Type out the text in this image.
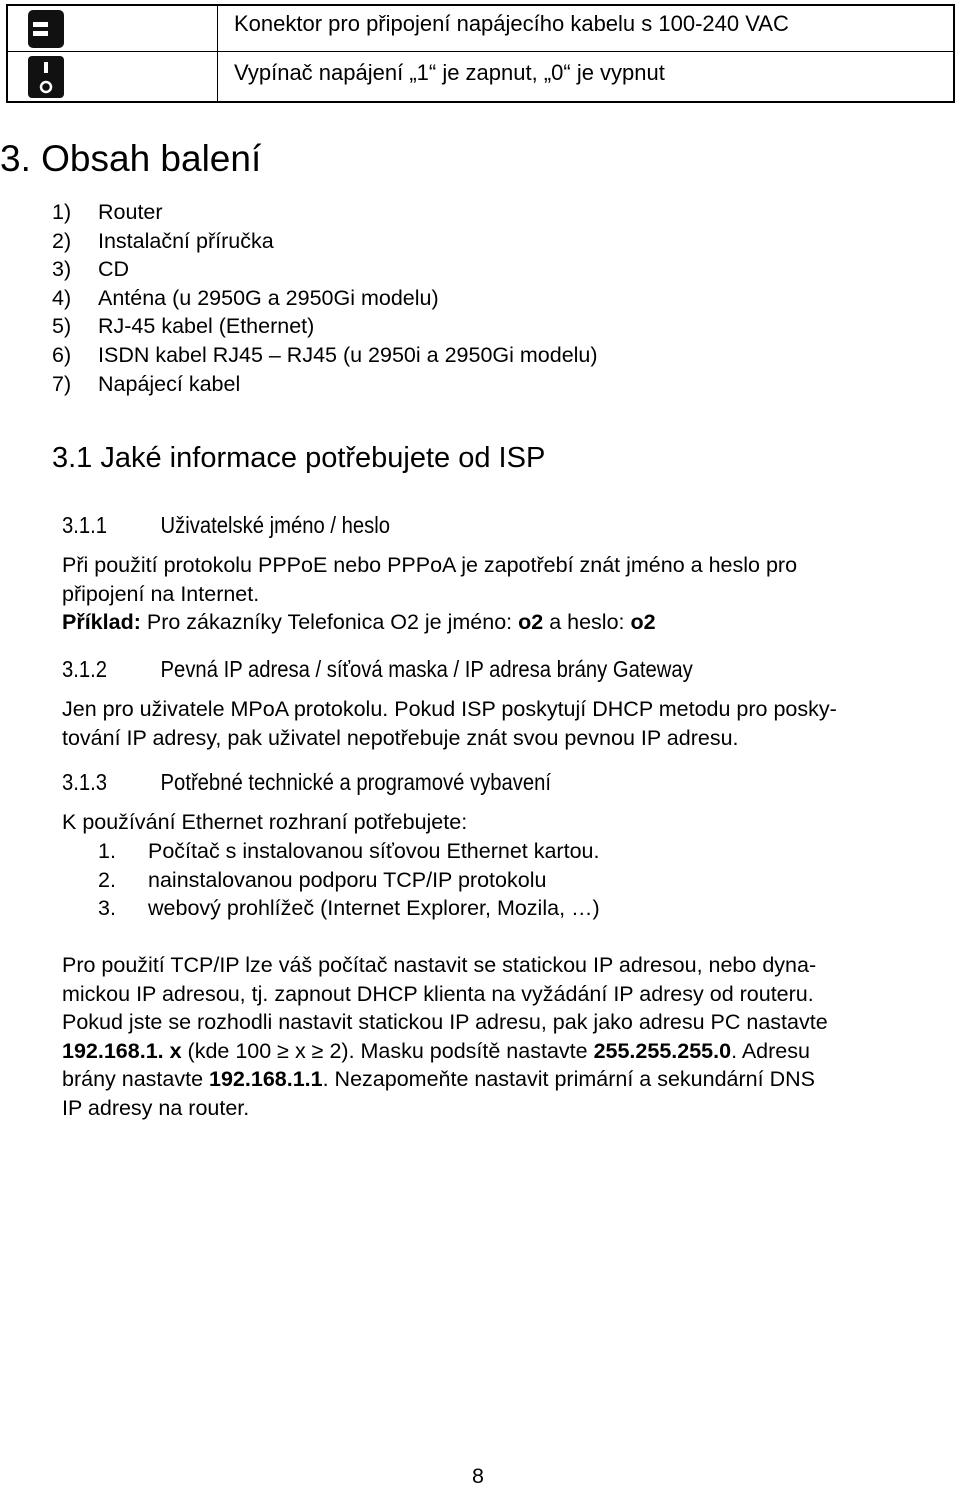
Konektor pro připojení napájecího kabelu s 100-240 VAC
Vypínač napájení „1“ je zapnut, „0“ je vypnut
3. Obsah balení
1)	Router
2)	Instalační příručka
3)	CD
4)	Anténa (u 2950G a 2950Gi modelu)
5)	RJ-45 kabel (Ethernet)
6)	ISDN kabel RJ45 – RJ45 (u 2950i a 2950Gi modelu)
7)	Napájecí kabel
3.1 Jaké informace potřebujete od ISP
3.1.1 Uživatelské jméno / heslo
Při použití protokolu PPPoE nebo PPPoA je zapotřebí znát jméno a heslo pro
připojení na Internet.
Příklad: Pro zákazníky Telefonica O2 je jméno: o2 a heslo: o2
3.1.2 Pevná IP adresa / síťová maska / IP adresa brány Gateway
Jen pro uživatele MPoA protokolu. Pokud ISP poskytují DHCP metodu pro posky-
tování IP adresy, pak uživatel nepotřebuje znát svou pevnou IP adresu.
3.1.3 Potřebné technické a programové vybavení
K používání Ethernet rozhraní potřebujete:
1.	Počítač s instalovanou síťovou Ethernet kartou.
2.	nainstalovanou podporu TCP/IP protokolu
3.	webový prohlížeč (Internet Explorer, Mozila, …)
Pro použití TCP/IP lze váš počítač nastavit se statickou IP adresou, nebo dyna-
mickou IP adresou, tj. zapnout DHCP klienta na vyžádání IP adresy od routeru.
Pokud jste se rozhodli nastavit statickou IP adresu, pak jako adresu PC nastavte
192.168.1. x (kde 100 ≥ x ≥ 2). Masku podsítě nastavte 255.255.255.0. Adresu
brány nastavte 192.168.1.1. Nezapomeňte nastavit primární a sekundární DNS
IP adresy na router.
8
